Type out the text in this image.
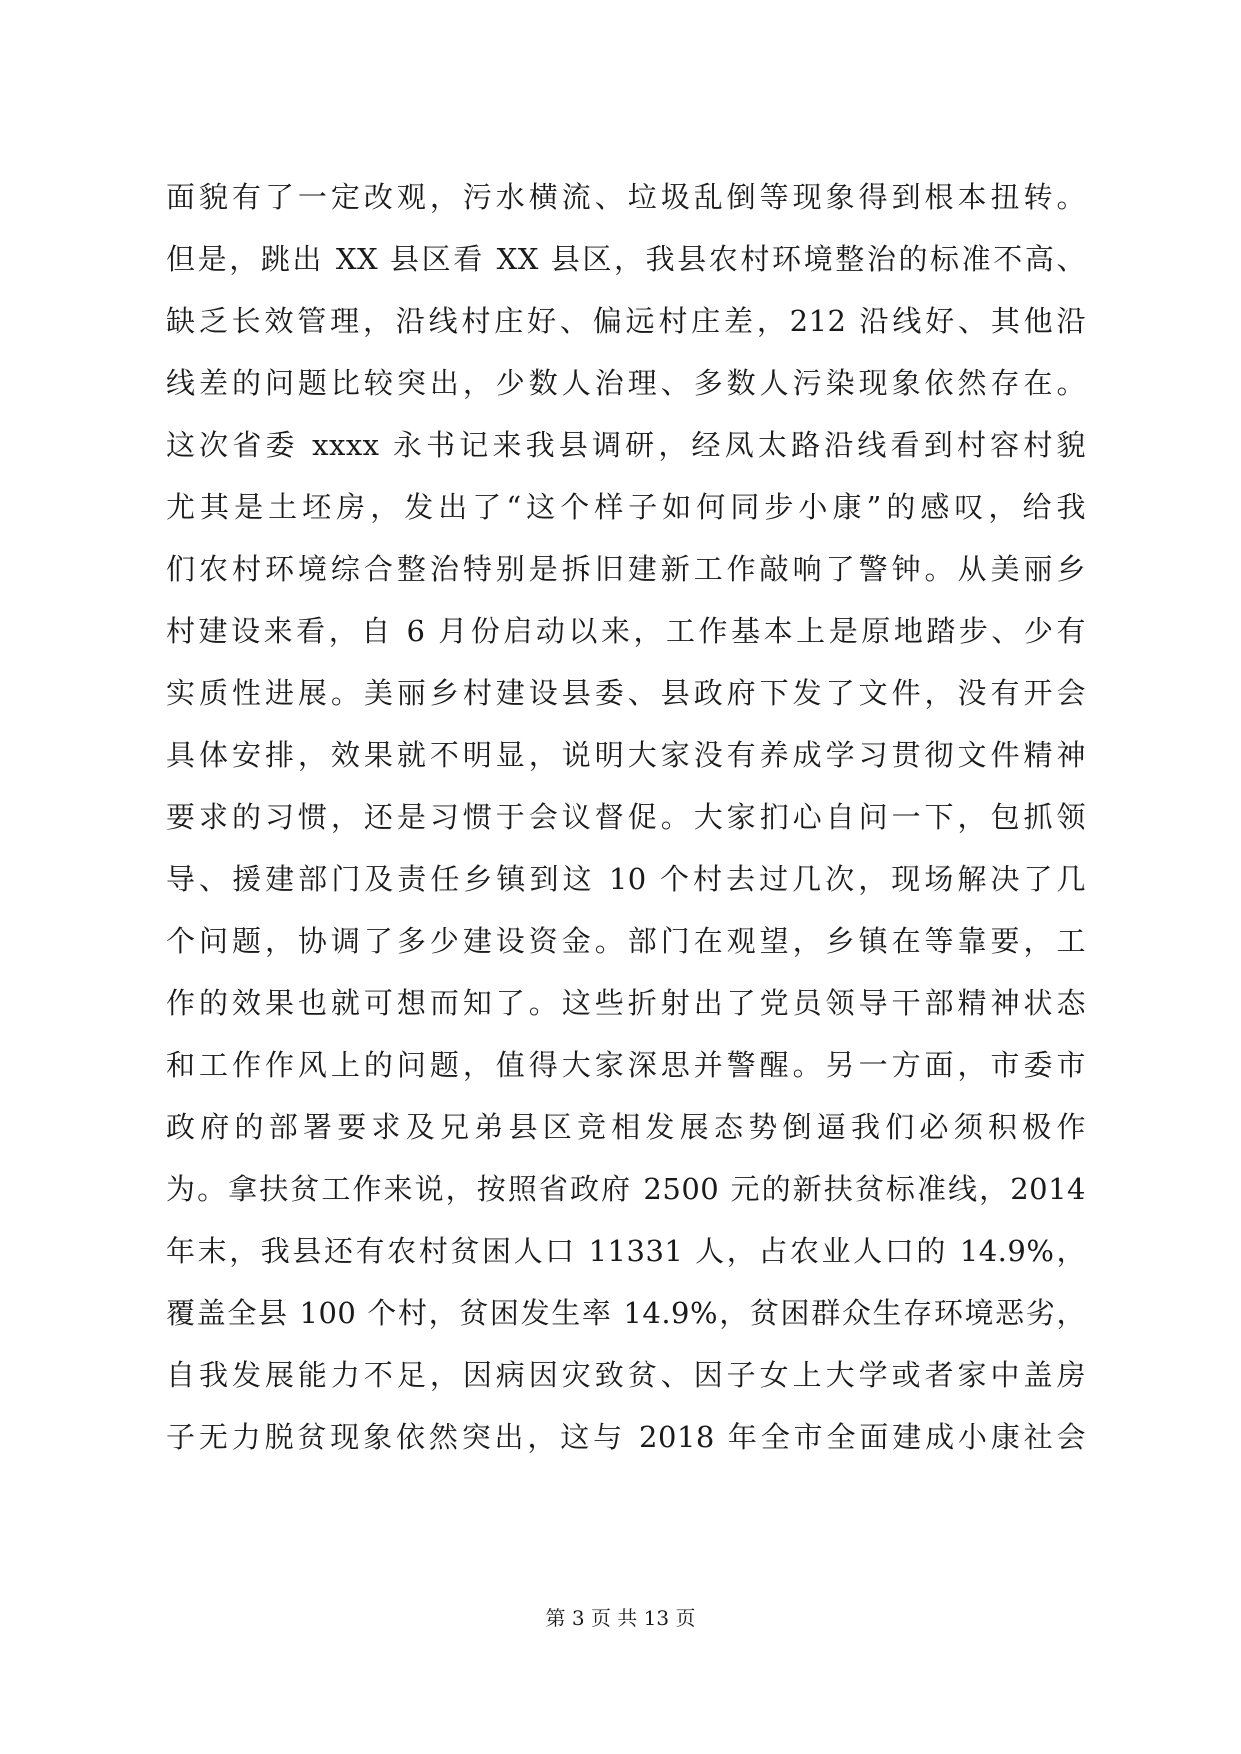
面貌有了一定改观，污水横流、垃圾乱倒等现象得到根本扭转。
但是，跳出 XX 县区看 XX 县区，我县农村环境整治的标准不高、
缺乏长效管理，沿线村庄好、偏远村庄差，212 沿线好、其他沿
线差的问题比较突出，少数人治理、多数人污染现象依然存在。
这次省委 xxxx 永书记来我县调研，经凤太路沿线看到村容村貌
尤其是土坯房，发出了“这个样子如何同步小康”的感叹，给我
们农村环境综合整治特别是拆旧建新工作敲响了警钟。从美丽乡
村建设来看，自 6 月份启动以来，工作基本上是原地踏步、少有
实质性进展。美丽乡村建设县委、县政府下发了文件，没有开会
具体安排，效果就不明显，说明大家没有养成学习贯彻文件精神
要求的习惯，还是习惯于会议督促。大家扪心自问一下，包抓领
导、援建部门及责任乡镇到这 10 个村去过几次，现场解决了几
个问题，协调了多少建设资金。部门在观望，乡镇在等靠要，工
作的效果也就可想而知了。这些折射出了党员领导干部精神状态
和工作作风上的问题，值得大家深思并警醒。另一方面，市委市
政府的部署要求及兄弟县区竞相发展态势倒逼我们必须积极作
为。拿扶贫工作来说，按照省政府 2500 元的新扶贫标准线，2014
年末，我县还有农村贫困人口 11331 人，占农业人口的 14.9%，
覆盖全县 100 个村，贫困发生率 14.9%，贫困群众生存环境恶劣，
自我发展能力不足，因病因灾致贫、因子女上大学或者家中盖房
子无力脱贫现象依然突出，这与 2018 年全市全面建成小康社会
第 3 页 共 13 页
